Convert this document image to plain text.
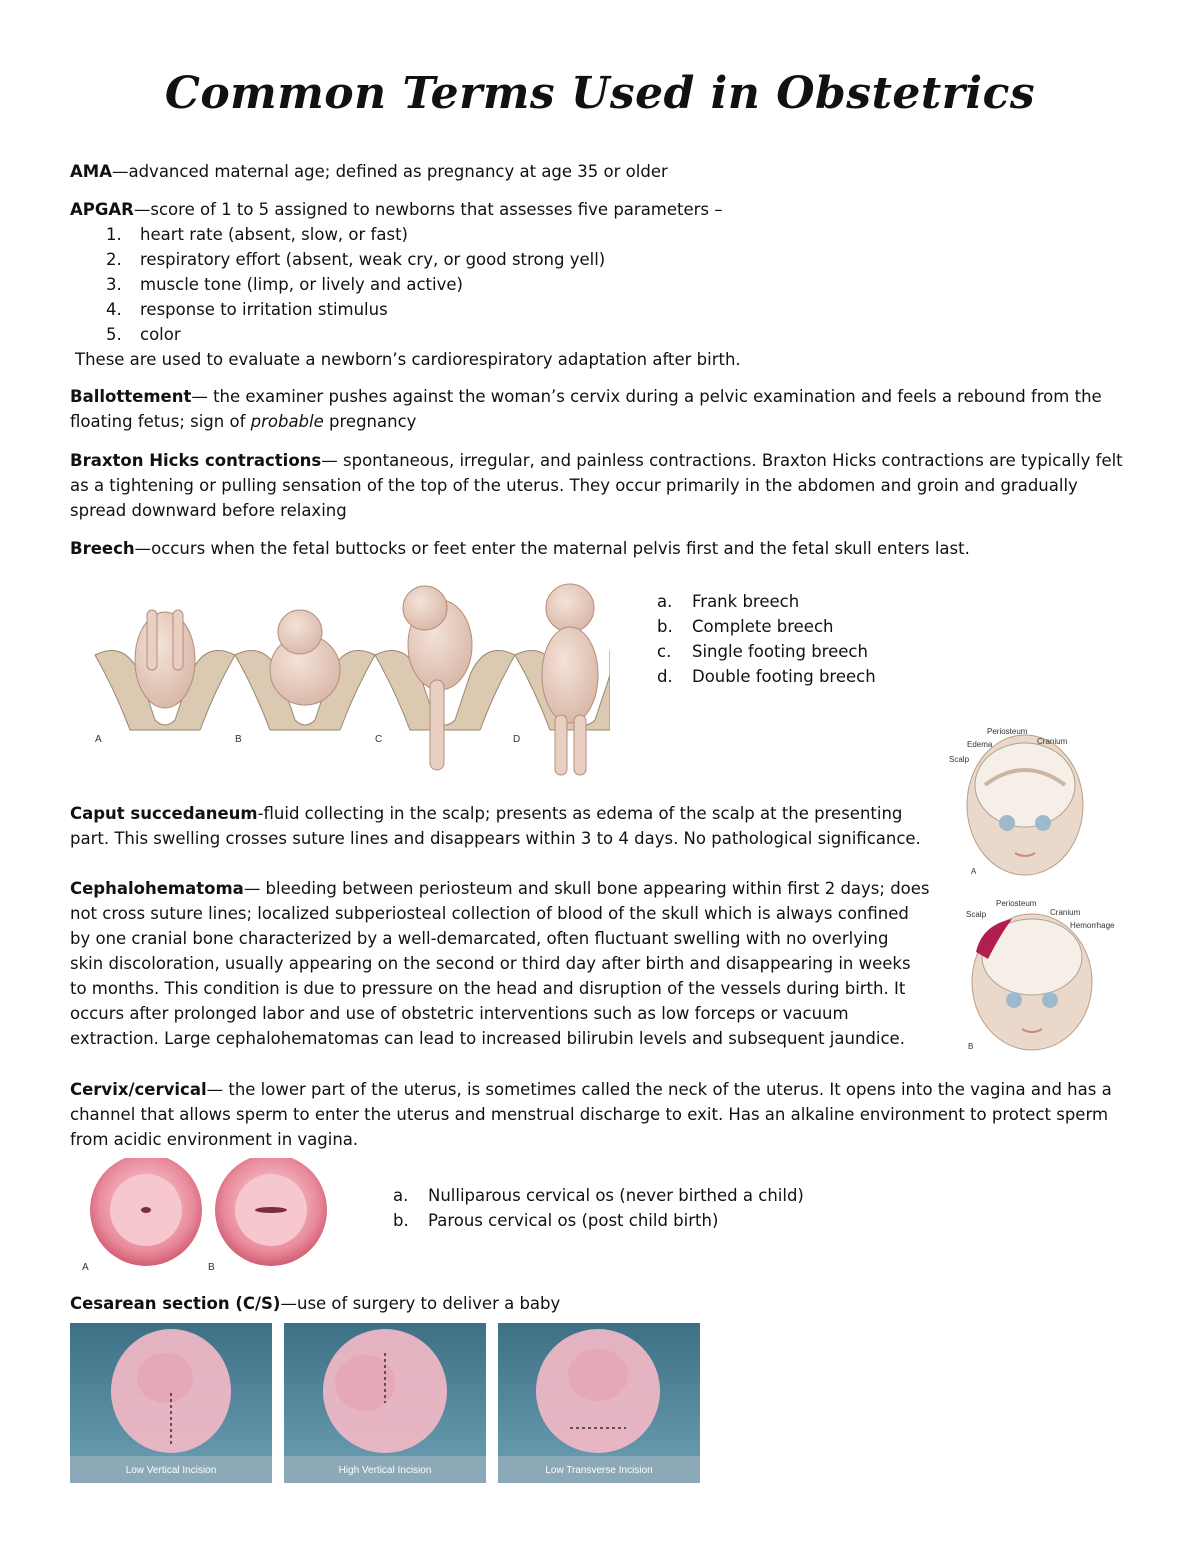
Common Terms Used in Obstetrics
AMA—advanced maternal age; defined as pregnancy at age 35 or older
APGAR—score of 1 to 5 assigned to newborns that assesses five parameters –
1. heart rate (absent, slow, or fast)
2. respiratory effort (absent, weak cry, or good strong yell)
3. muscle tone (limp, or lively and active)
4. response to irritation stimulus
5. color
These are used to evaluate a newborn’s cardiorespiratory adaptation after birth.
Ballottement— the examiner pushes against the woman’s cervix during a pelvic examination and feels a rebound from the
floating fetus; sign of probable pregnancy
Braxton Hicks contractions— spontaneous, irregular, and painless contractions. Braxton Hicks contractions are typically felt
as a tightening or pulling sensation of the top of the uterus. They occur primarily in the abdomen and groin and gradually
spread downward before relaxing
Breech—occurs when the fetal buttocks or feet enter the maternal pelvis first and the fetal skull enters last.
A	B	C	D
a. Frank breech
b. Complete breech
c. Single footing breech
d. Double footing breech
Periosteum
Edema	Cranium
Scalp
A
Caput succedaneum-fluid collecting in the scalp; presents as edema of the scalp at the presenting
part. This swelling crosses suture lines and disappears within 3 to 4 days. No pathological significance.
Periosteum
Scalp	Cranium
Hemorrhage
B
Cephalohematoma— bleeding between periosteum and skull bone appearing within first 2 days; does
not cross suture lines; localized subperiosteal collection of blood of the skull which is always confined
by one cranial bone characterized by a well-demarcated, often fluctuant swelling with no overlying
skin discoloration, usually appearing on the second or third day after birth and disappearing in weeks
to months. This condition is due to pressure on the head and disruption of the vessels during birth. It
occurs after prolonged labor and use of obstetric interventions such as low forceps or vacuum
extraction. Large cephalohematomas can lead to increased bilirubin levels and subsequent jaundice.
Cervix/cervical— the lower part of the uterus, is sometimes called the neck of the uterus. It opens into the vagina and has a
channel that allows sperm to enter the uterus and menstrual discharge to exit. Has an alkaline environment to protect sperm
from acidic environment in vagina.
A	B
a. Nulliparous cervical os (never birthed a child)
b. Parous cervical os (post child birth)
Cesarean section (C/S)—use of surgery to deliver a baby
Low Vertical Incision	High Vertical Incision	Low Transverse Incision
